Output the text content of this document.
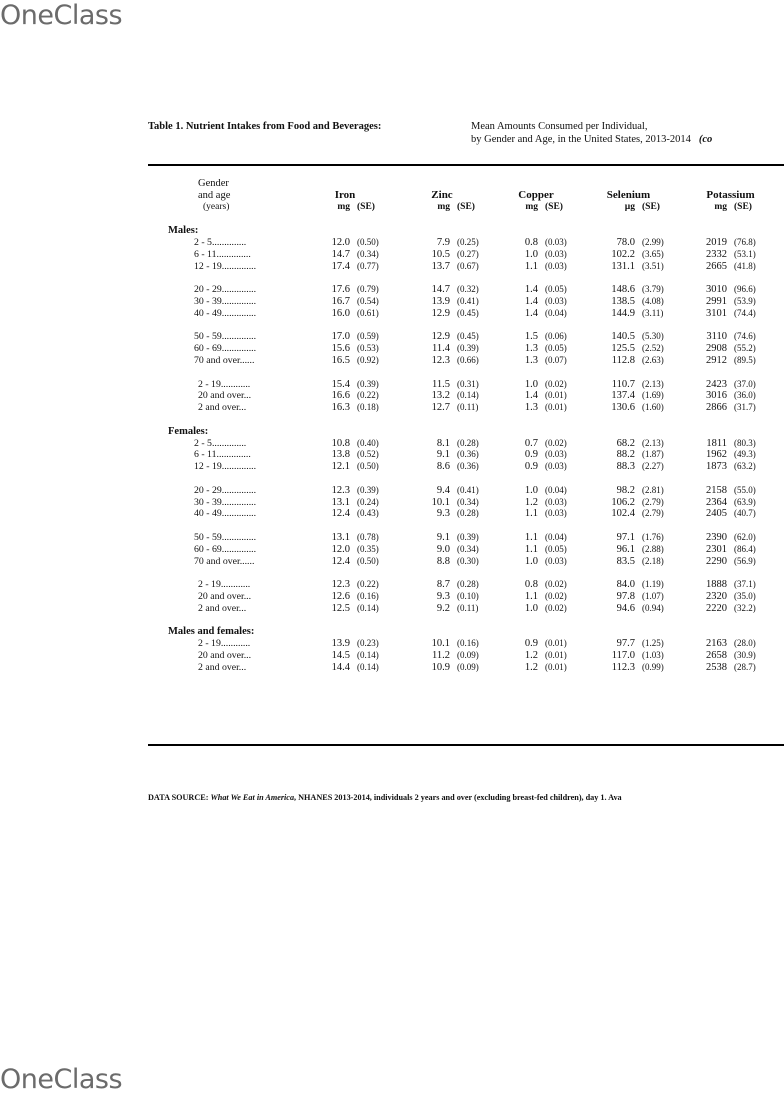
OneClass
Table 1. Nutrient Intakes from Food and Beverages:	Mean Amounts Consumed per Individual,
by Gender and Age, in the United States, 2013-2014 (co
Gender										
and age	Iron		Zinc		Copper		Selenium		Potassium	
(years)	mg	(SE)	mg	(SE)	mg	(SE)	µg	(SE)	mg	(SE)

Males:										
2 - 5..............	12.0	(0.50)	7.9	(0.25)	0.8	(0.03)	78.0	(2.99)	2019	(76.8)
6 - 11..............	14.7	(0.34)	10.5	(0.27)	1.0	(0.03)	102.2	(3.65)	2332	(53.1)
12 - 19..............	17.4	(0.77)	13.7	(0.67)	1.1	(0.03)	131.1	(3.51)	2665	(41.8)

20 - 29..............	17.6	(0.79)	14.7	(0.32)	1.4	(0.05)	148.6	(3.79)	3010	(96.6)
30 - 39..............	16.7	(0.54)	13.9	(0.41)	1.4	(0.03)	138.5	(4.08)	2991	(53.9)
40 - 49..............	16.0	(0.61)	12.9	(0.45)	1.4	(0.04)	144.9	(3.11)	3101	(74.4)

50 - 59..............	17.0	(0.59)	12.9	(0.45)	1.5	(0.06)	140.5	(5.30)	3110	(74.6)
60 - 69..............	15.6	(0.53)	11.4	(0.39)	1.3	(0.05)	125.5	(2.52)	2908	(55.2)
70 and over......	16.5	(0.92)	12.3	(0.66)	1.3	(0.07)	112.8	(2.63)	2912	(89.5)

2 - 19............	15.4	(0.39)	11.5	(0.31)	1.0	(0.02)	110.7	(2.13)	2423	(37.0)
20 and over...	16.6	(0.22)	13.2	(0.14)	1.4	(0.01)	137.4	(1.69)	3016	(36.0)
2 and over...	16.3	(0.18)	12.7	(0.11)	1.3	(0.01)	130.6	(1.60)	2866	(31.7)

Females:										
2 - 5..............	10.8	(0.40)	8.1	(0.28)	0.7	(0.02)	68.2	(2.13)	1811	(80.3)
6 - 11..............	13.8	(0.52)	9.1	(0.36)	0.9	(0.03)	88.2	(1.87)	1962	(49.3)
12 - 19..............	12.1	(0.50)	8.6	(0.36)	0.9	(0.03)	88.3	(2.27)	1873	(63.2)

20 - 29..............	12.3	(0.39)	9.4	(0.41)	1.0	(0.04)	98.2	(2.81)	2158	(55.0)
30 - 39..............	13.1	(0.24)	10.1	(0.34)	1.2	(0.03)	106.2	(2.79)	2364	(63.9)
40 - 49..............	12.4	(0.43)	9.3	(0.28)	1.1	(0.03)	102.4	(2.79)	2405	(40.7)

50 - 59..............	13.1	(0.78)	9.1	(0.39)	1.1	(0.04)	97.1	(1.76)	2390	(62.0)
60 - 69..............	12.0	(0.35)	9.0	(0.34)	1.1	(0.05)	96.1	(2.88)	2301	(86.4)
70 and over......	12.4	(0.50)	8.8	(0.30)	1.0	(0.03)	83.5	(2.18)	2290	(56.9)

2 - 19............	12.3	(0.22)	8.7	(0.28)	0.8	(0.02)	84.0	(1.19)	1888	(37.1)
20 and over...	12.6	(0.16)	9.3	(0.10)	1.1	(0.02)	97.8	(1.07)	2320	(35.0)
2 and over...	12.5	(0.14)	9.2	(0.11)	1.0	(0.02)	94.6	(0.94)	2220	(32.2)

Males and females:										
2 - 19............	13.9	(0.23)	10.1	(0.16)	0.9	(0.01)	97.7	(1.25)	2163	(28.0)
20 and over...	14.5	(0.14)	11.2	(0.09)	1.2	(0.01)	117.0	(1.03)	2658	(30.9)
2 and over...	14.4	(0.14)	10.9	(0.09)	1.2	(0.01)	112.3	(0.99)	2538	(28.7)

DATA SOURCE: What We Eat in America, NHANES 2013-2014, individuals 2 years and over (excluding breast-fed children), day 1. Ava
OneClass
